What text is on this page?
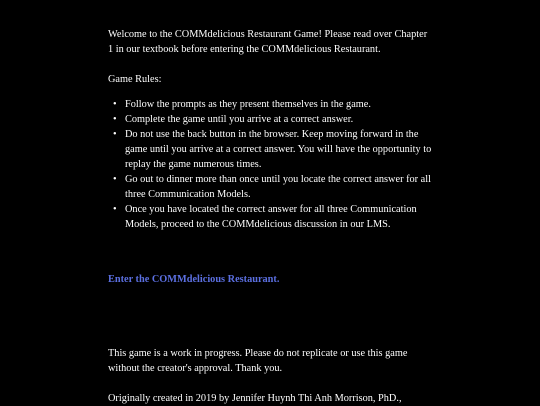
Welcome to the COMMdelicious Restaurant Game! Please read over Chapter 1 in our textbook before entering the COMMdelicious Restaurant.

Game Rules:

• Follow the prompts as they present themselves in the game.
• Complete the game until you arrive at a correct answer.
• Do not use the back button in the browser. Keep moving forward in the game until you arrive at a correct answer. You will have the opportunity to replay the game numerous times.
• Go out to dinner more than once until you locate the correct answer for all three Communication Models.
• Once you have located the correct answer for all three Communication Models, proceed to the COMMdelicious discussion in our LMS.
Enter the COMMdelicious Restaurant.

This game is a work in progress. Please do not replicate or use this game without the creator's approval. Thank you.

Originally created in 2019 by Jennifer Huynh Thi Anh Morrison, PhD.,
